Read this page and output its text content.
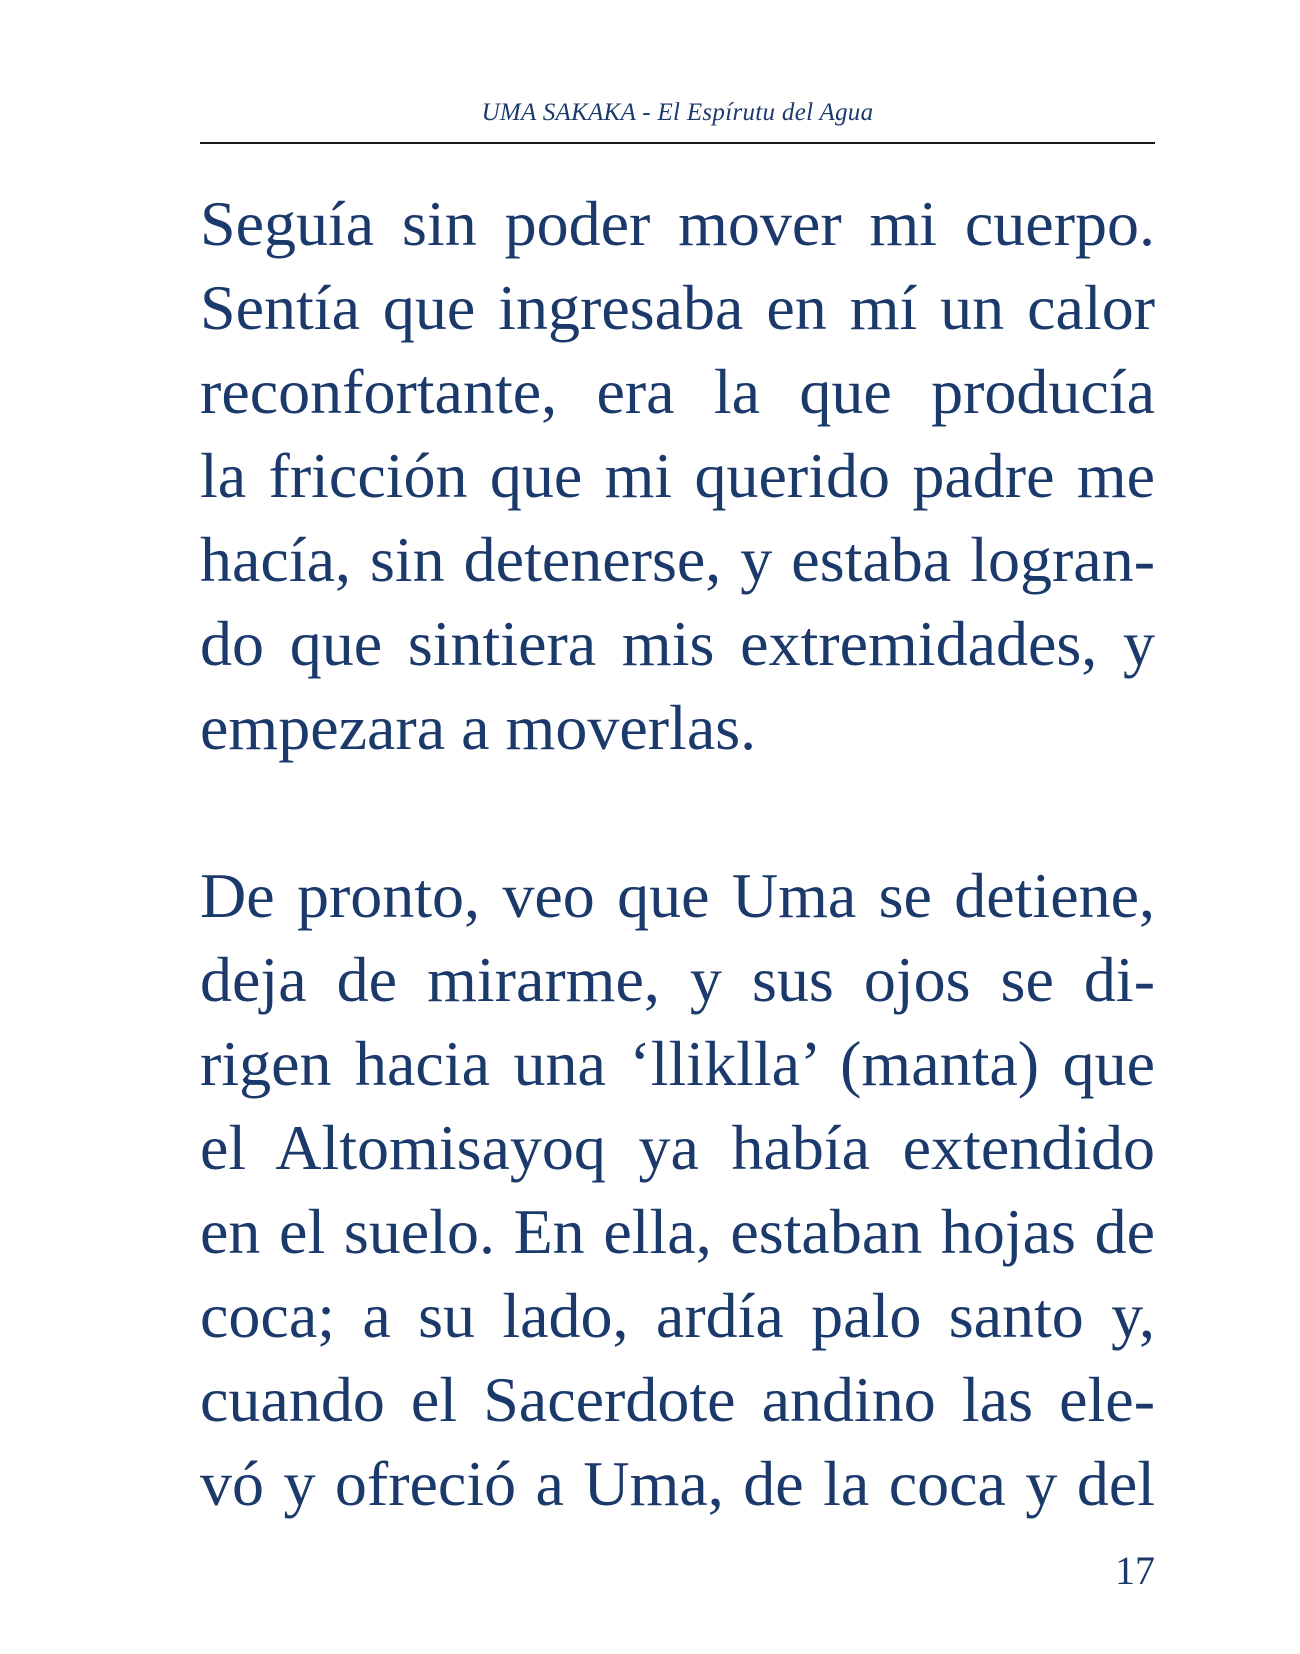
UMA SAKAKA - El Espírutu del Agua
Seguía sin poder mover mi cuerpo.
Sentía que ingresaba en mí un calor
reconfortante, era la que producía
la fricción que mi querido padre me
hacía, sin detenerse, y estaba logran-
do que sintiera mis extremidades, y
empezara a moverlas.
De pronto, veo que Uma se detiene,
deja de mirarme, y sus ojos se di-
rigen hacia una ‘lliklla’ (manta) que
el Altomisayoq ya había extendido
en el suelo. En ella, estaban hojas de
coca; a su lado, ardía palo santo y,
cuando el Sacerdote andino las ele-
vó y ofreció a Uma, de la coca y del
17
